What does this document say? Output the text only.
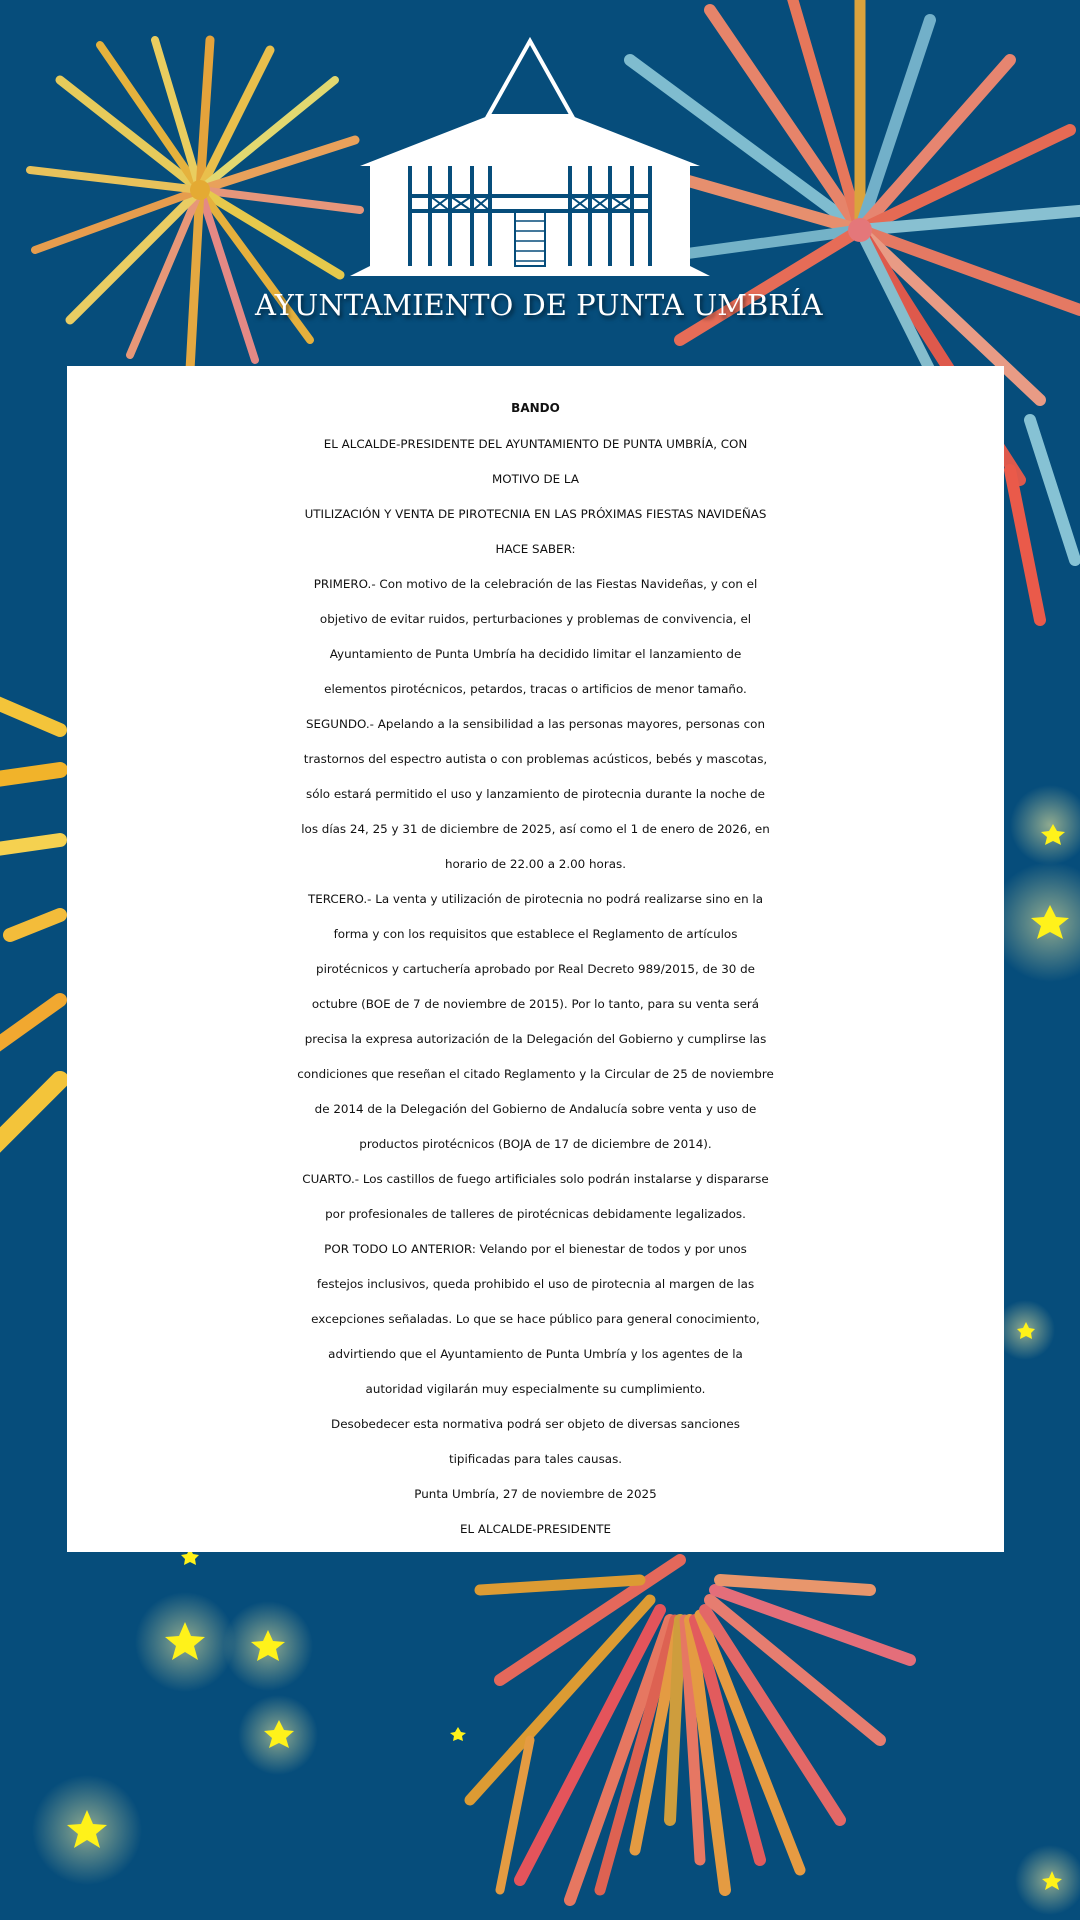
AYUNTAMIENTO DE PUNTA UMBRÍA

BANDO

EL ALCALDE-PRESIDENTE DEL AYUNTAMIENTO DE PUNTA UMBRÍA, CON

MOTIVO DE LA

UTILIZACIÓN Y VENTA DE PIROTECNIA EN LAS PRÓXIMAS FIESTAS NAVIDEÑAS

HACE SABER:

PRIMERO.- Con motivo de la celebración de las Fiestas Navideñas, y con el

objetivo de evitar ruidos, perturbaciones y problemas de convivencia, el

Ayuntamiento de Punta Umbría ha decidido limitar el lanzamiento de

elementos pirotécnicos, petardos, tracas o artificios de menor tamaño.

SEGUNDO.- Apelando a la sensibilidad a las personas mayores, personas con

trastornos del espectro autista o con problemas acústicos, bebés y mascotas,

sólo estará permitido el uso y lanzamiento de pirotecnia durante la noche de

los días 24, 25 y 31 de diciembre de 2025, así como el 1 de enero de 2026, en

horario de 22.00 a 2.00 horas.

TERCERO.- La venta y utilización de pirotecnia no podrá realizarse sino en la

forma y con los requisitos que establece el Reglamento de artículos

pirotécnicos y cartuchería aprobado por Real Decreto 989/2015, de 30 de

octubre (BOE de 7 de noviembre de 2015). Por lo tanto, para su venta será

precisa la expresa autorización de la Delegación del Gobierno y cumplirse las

condiciones que reseñan el citado Reglamento y la Circular de 25 de noviembre

de 2014 de la Delegación del Gobierno de Andalucía sobre venta y uso de

productos pirotécnicos (BOJA de 17 de diciembre de 2014).

CUARTO.- Los castillos de fuego artificiales solo podrán instalarse y dispararse

por profesionales de talleres de pirotécnicas debidamente legalizados.

POR TODO LO ANTERIOR: Velando por el bienestar de todos y por unos

festejos inclusivos, queda prohibido el uso de pirotecnia al margen de las

excepciones señaladas. Lo que se hace público para general conocimiento,

advirtiendo que el Ayuntamiento de Punta Umbría y los agentes de la

autoridad vigilarán muy especialmente su cumplimiento.

Desobedecer esta normativa podrá ser objeto de diversas sanciones

tipificadas para tales causas.

Punta Umbría, 27 de noviembre de 2025

EL ALCALDE-PRESIDENTE
